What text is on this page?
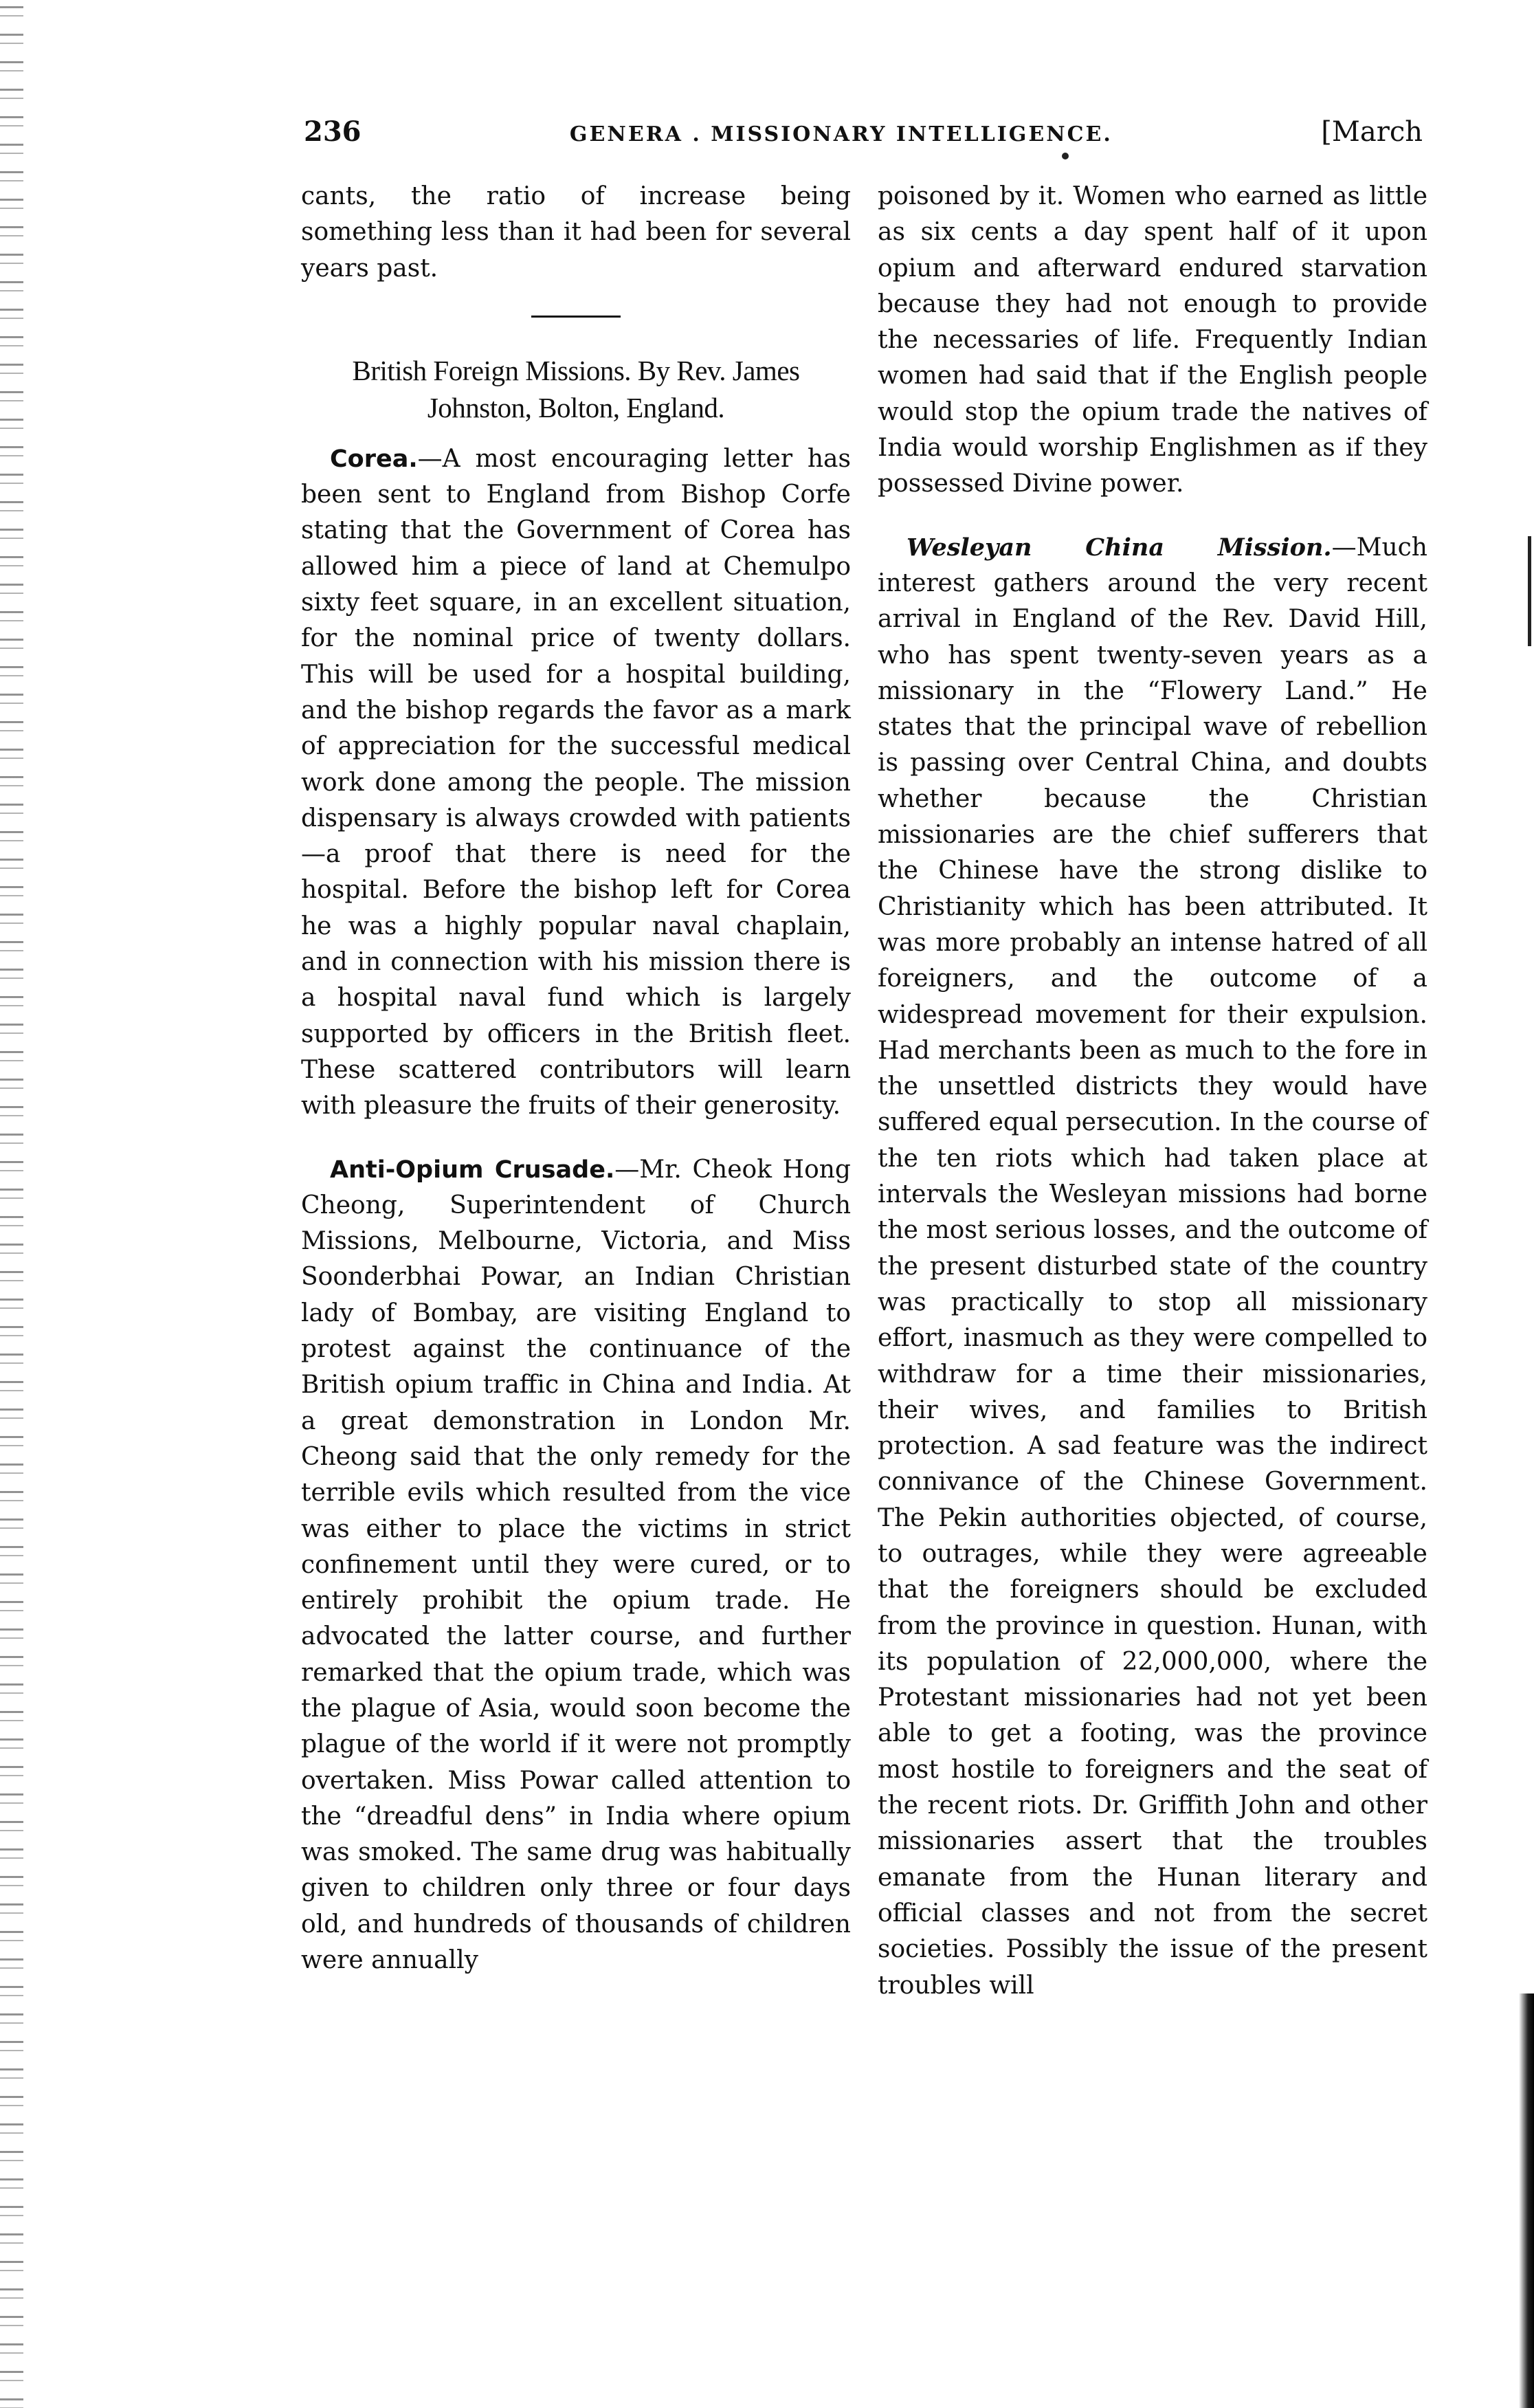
236	GENERA . MISSIONARY INTELLIGENCE.	[March

cants, the ratio of increase being something less than it had been for several years past.

British Foreign Missions. By Rev. James Johnston, Bolton, England.

Corea.—A most encouraging letter has been sent to England from Bishop Corfe stating that the Government of Corea has allowed him a piece of land at Chemulpo sixty feet square, in an excellent situation, for the nominal price of twenty dollars. This will be used for a hospital building, and the bishop regards the favor as a mark of appreciation for the successful medical work done among the people. The mission dispensary is always crowded with patients—a proof that there is need for the hospital. Before the bishop left for Corea he was a highly popular naval chaplain, and in connection with his mission there is a hospital naval fund which is largely supported by officers in the British fleet. These scattered contributors will learn with pleasure the fruits of their generosity.

Anti-Opium Crusade.—Mr. Cheok Hong Cheong, Superintendent of Church Missions, Melbourne, Victoria, and Miss Soonderbhai Powar, an Indian Christian lady of Bombay, are visiting England to protest against the continuance of the British opium traffic in China and India. At a great demonstration in London Mr. Cheong said that the only remedy for the terrible evils which resulted from the vice was either to place the victims in strict confinement until they were cured, or to entirely prohibit the opium trade. He advocated the latter course, and further remarked that the opium trade, which was the plague of Asia, would soon become the plague of the world if it were not promptly overtaken. Miss Powar called attention to the “dreadful dens” in India where opium was smoked. The same drug was habitually given to children only three or four days old, and hundreds of thousands of children were annually

poisoned by it. Women who earned as little as six cents a day spent half of it upon opium and afterward endured starvation because they had not enough to provide the necessaries of life. Frequently Indian women had said that if the English people would stop the opium trade the natives of India would worship Englishmen as if they possessed Divine power.

Wesleyan China Mission.—Much interest gathers around the very recent arrival in England of the Rev. David Hill, who has spent twenty-seven years as a missionary in the “Flowery Land.” He states that the principal wave of rebellion is passing over Central China, and doubts whether because the Christian missionaries are the chief sufferers that the Chinese have the strong dislike to Christianity which has been attributed. It was more probably an intense hatred of all foreigners, and the outcome of a widespread movement for their expulsion. Had merchants been as much to the fore in the unsettled districts they would have suffered equal persecution. In the course of the ten riots which had taken place at intervals the Wesleyan missions had borne the most serious losses, and the outcome of the present disturbed state of the country was practically to stop all missionary effort, inasmuch as they were compelled to withdraw for a time their missionaries, their wives, and families to British protection. A sad feature was the indirect connivance of the Chinese Government. The Pekin authorities objected, of course, to outrages, while they were agreeable that the foreigners should be excluded from the province in question. Hunan, with its population of 22,000,000, where the Protestant missionaries had not yet been able to get a footing, was the province most hostile to foreigners and the seat of the recent riots. Dr. Griffith John and other missionaries assert that the troubles emanate from the Hunan literary and official classes and not from the secret societies. Possibly the issue of the present troubles will
